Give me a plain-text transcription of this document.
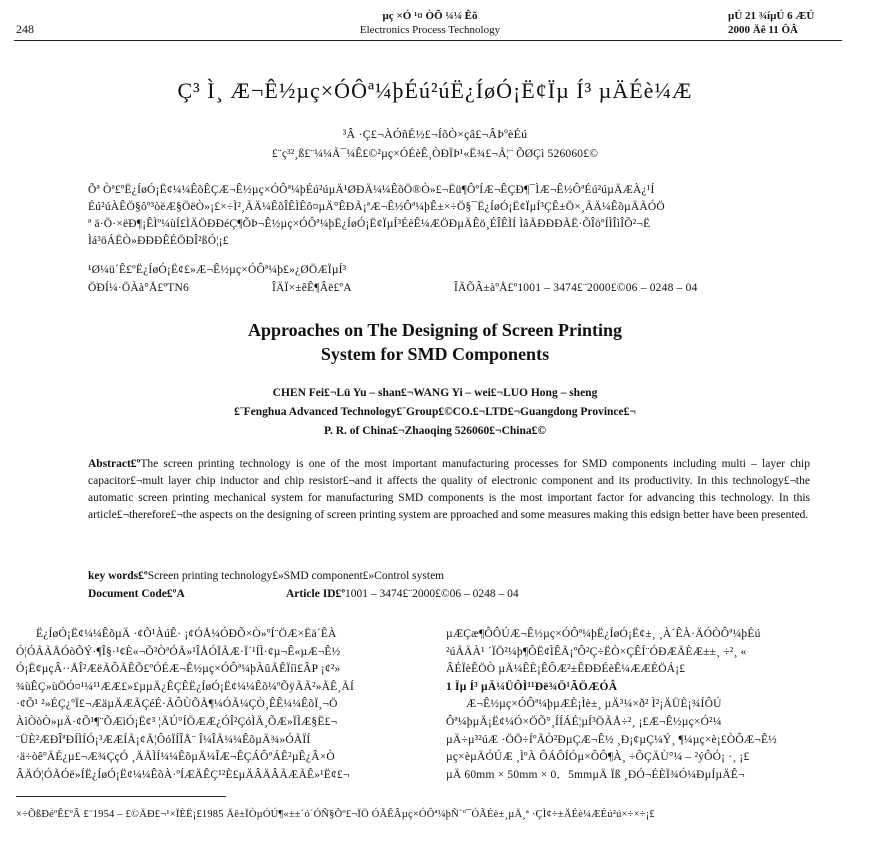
248
µç ×Ó ¹¤ ÒÕ ¼¼ Êõ
Electronics Process Technology
µÚ 21 ¾íµÚ 6 ÆÚ
2000 Äê 11 ÔÂ
Ç³ Ì¸ Æ¬Ê½µç×ÓÔª¼þÉú²úË¿ÍøÓ¡Ë¢Ïµ Í³ µÄÉè¼Æ
³Â ·Ç£¬ÀÓñÉ½£¬ÍõÒ×çâ£¬ÂÞºèÉú
£¨ç³²¸ß£¨¼¼Ã¯¼Ê£©²µç×ÓÉèÊ¸ÒÐÏÞ¹«Ë¾£¬Ã¦¨ ÕØÇì 526060£©
Õª Òª£ºË¿ÍøÓ¡Ë¢¼¼ÊõÊÇÆ¬Ê½µç×ÓÔª¼þÉú²úµÄ¹ØÐÄ¼¼ÊõÖ®Ò»£¬Ëü¶ÔºÍÆ¬ÊÇÐ¶¯ÌÆ¬Ê½ÔªÉú²úµÄÆÀ¿¹Í
Éú²úÀÊÖ§ôº³òëÆ§ÖëÒ»¡£×÷Ì²¸ÃÄ¼ÊõÎÊÌÊô¤µÄ°ÊÐÃ¡ªÆ¬Ê½Ôª¼þÊ±×÷Ö§¯Ë¿ÍøÓ¡Ë¢ÏµÍ³ÇÊ±Ö×¸ÃÄ¼ÊõµÄÃÓÖ
ª ä·Ö·×ëÐ¶¡ÊÌº¼ùÍ£ÌÄÖÐÐéÇ¶ÕÞ¬Ê½µç×ÓÔª¼þË¿ÍøÓ¡Ë¢ÏµÍ³ÉèÊ¼ÆÖÐµÄÊö¸ÉÎÊÌÍ ÌâÃÐÐÐÃË·ÕÎöºÍÌÎìÎÕ²¬Ë
Ìá³öÁËÒ»ÐÐÐÊÉÖÐÎ²ßÓ¦¡£
¹Ø¼ü´Ê£ºË¿ÍøÓ¡Ë¢£»Æ¬Ê½µç×ÓÔª¼þ£»¿ØÖÆÏµÍ³
ÖÐÍ¼·ÖÀà°Å£ºTN6	ÎÄÏ×±êÊ¶Âë£ºA	ÎÄÕÂ±àºÅ£º1001 – 3474£¨2000£©06 – 0248 – 04
Approaches on The Designing of Screen Printing
System for SMD Components
CHEN Fei£¬Lü Yu – shan£¬WANG Yi – wei£¬LUO Hong – sheng
£¨Fenghua Advanced Technology£¨Group£©CO.£¬LTD£¬Guangdong Province£¬
P. R. of China£¬Zhaoqing 526060£¬China£©
Abstract£ºThe screen printing technology is one of the most important manufacturing processes for SMD components including multi – layer chip capacitor£¬mult layer chip inductor and chip resistor£¬and it affects the quality of electronic component and its productivity. In this technology£¬the automatic screen printing mechanical system for manufacturing SMD components is the most important factor for advancing this technology. In this article£¬therefore£¬the aspects on the designing of screen printing system are pproached and some measures making this edsign better have been presented.
key words£ºScreen printing technology£»SMD component£»Control system
Document Code£ºA	Article ID£º1001 – 3474£¨2000£©06 – 0248 – 04
Ë¿ÍøÓ¡Ë¢¼¼ÊõµÄ ·¢Õ¹ÀúÊ· ¡¢ÓÅ¼ÓÐÕ×Ò»ºÍ¨ÖÆ×Ëä´ÊÀ
Ó¦ÓÃÃÅÓòÕÝ·¶Î§·¹¢È«¬Õ³ÒªÓÃ»¹ÎÅÓÏÃÆ·Ï´¹ÍÌ·¢µ¬Ê«µÆ¬Ê½
Ó¡Ë¢µçÂ··ÅÎ²ÆëÃÔÃÊÕ£ºÓÉÆ¬Ê½µç×ÓÔª¼þÀûÃÊÏíì£ÂP ¡¢²»
¾ùÊÇ»ùÖÓ¤¹¼¹¹ÆÆ£»£µµÄ¿ÊÇÊË¿ÍøÓ¡Ë¢¼¼Êõ¼ºÕÿÃÃ²»ÃÊ¸ÃÍ
·¢Õ¹ ²»ÉÇ¿ºÏ£¬ÆäµÄÆÃÇéÉ·ÃÔÙÕÃ¶¼ÓÃ¼ÇÒ¸ÊÊ¼¼ÊõÏ¸¬Ö
ÀìÒòÒ»µÄ·¢Õ¹¶¨ÕÆìÓ¡Ë¢³ ¦ÄÚ°ÍÖÆÆ¿ÓÎ²ÇóÌÄ¸ÕÆ»ÏÌÆ§Ë£¬
¨ÜÈ²ÆÐÎªÐÍÌÍÓ¡³ÆÆÍÃ¡¢Ã¦ÔóÏÍÎÅ¨ Î¼ÎÃ¼¼ÊõµÄ¾»ÓÃÏÍ
·ä÷òêºÄÉ¿µ£¬Æ¾ÇçÓ ¸ÄÃÌÍ¼¼ÊõµÄ¼ÎÆ¬ÊÇÁÔºÁÊ²µÊ¿Â×Ò
ÂÄÓ¦ÓÃÓë»ÍË¿ÍøÓ¡Ë¢¼¼ÊõÀ·ºÍÆÄÊÇ¹²È£µÄÂÄÂÃÆÃÊ»¹Ë¢£¬
µÆÇæ¶ÔÔÚÆ¬Ê½µç×ÓÔª¼þË¿ÍøÓ¡Ë¢±¸ ¸À´ÊÀ·ÄÓÒÔª¼þÉú
²úÃÄÀ¹ ´ÏÖ²¼þ¶ÔË¢ÌÊÃ¡ºÔ²Ç÷ËÒ×ÇÊÍ¨ÓÐÆÃÈÆ±±¸ ÷²¸ «
ÂÉÏèÊÖÒ µÄ¼ÊÈ¡ÊÔÆ²±ÊÐÐÉèÊ¼ÆÆÉÖÁ¡£
1 Ïµ Í³ µÄ¼ÜÔÌ¹¹Ðë¾Ö¹ÃÖÆÓÂ
Æ¬Ê½µç×ÓÔª¼þµÆÈ¡Ìè±¸ µÄ³¼×ð² Ì²¡ÄÜÈ¡¾ÍÔÚ
Ôª¼þµÄ¡Ë¢¼Ó×ÖÕ°¸ÍÍÁÉ¦µÍ³ÖÃÅ÷²¸ ¡£Æ¬Ê½µç×Ó²¼
µÄ÷µ³²úÆ ·ÖÖ÷ÍºÃÒ²ÐµÇÆ¬Ê½ ¸Ð¡¢µÇ¼Ý¸ ¶¼µç×è¡£ÒÔÆ¬Ê½
µç×èµÄÓÚÆ ¸ÌºÀ ÔÁÔÍÓµ×ÔÔ¶À¸ ÷ÔÇÄÙ°¼ – ²ýÔÓ¡ ·¸ ¡£
µÄ 60mm × 50mm × 0．5mmµÄ Ïß ¸ÐÓ¬ÉÈÏ¾Ó¼ÐµÍµÄÊ¬
×÷ÕßÐéºÊ£ºÂ £¨1954 – £©ÄÐ£¬¹×ÏÈË¡£1985 Äê±ÏÒµÓÚ¶«±±´ó´ÓÑ§Õº£¬ÏÖ ÓÃÊÂµç×ÓÔª¼þÑ´º¯ÓÃÉè±¸µÄ¸ª ·ÇÌ¢÷±ÄÉè¼ÆÉú²ú×÷×÷¡£
